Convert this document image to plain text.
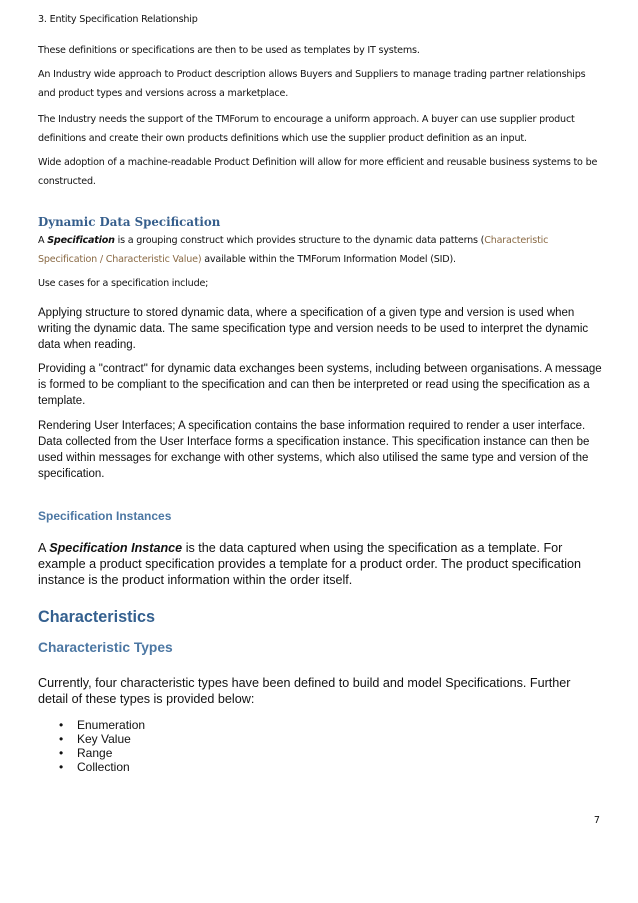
3. Entity Specification Relationship

These definitions or specifications are then to be used as templates by IT systems.

An Industry wide approach to Product description allows Buyers and Suppliers to manage trading partner relationships and product types and versions across a marketplace.

The Industry needs the support of the TMForum to encourage a uniform approach. A buyer can use supplier product definitions and create their own products definitions which use the supplier product definition as an input.

Wide adoption of a machine-readable Product Definition will allow for more efficient and reusable business systems to be constructed.

Dynamic Data Specification

A Specification is a grouping construct which provides structure to the dynamic data patterns (Characteristic Specification / Characteristic Value) available within the TMForum Information Model (SID).

Use cases for a specification include;

Applying structure to stored dynamic data, where a specification of a given type and version is used when writing the dynamic data. The same specification type and version needs to be used to interpret the dynamic data when reading.

Providing a "contract" for dynamic data exchanges been systems, including between organisations. A message is formed to be compliant to the specification and can then be interpreted or read using the specification as a template.

Rendering User Interfaces; A specification contains the base information required to render a user interface. Data collected from the User Interface forms a specification instance. This specification instance can then be used within messages for exchange with other systems, which also utilised the same type and version of the specification.

Specification Instances

A Specification Instance is the data captured when using the specification as a template. For example a product specification provides a template for a product order. The product specification instance is the product information within the order itself.

Characteristics
Characteristic Types

Currently, four characteristic types have been defined to build and model Specifications. Further detail of these types is provided below:

• Enumeration
• Key Value
• Range
• Collection
7
